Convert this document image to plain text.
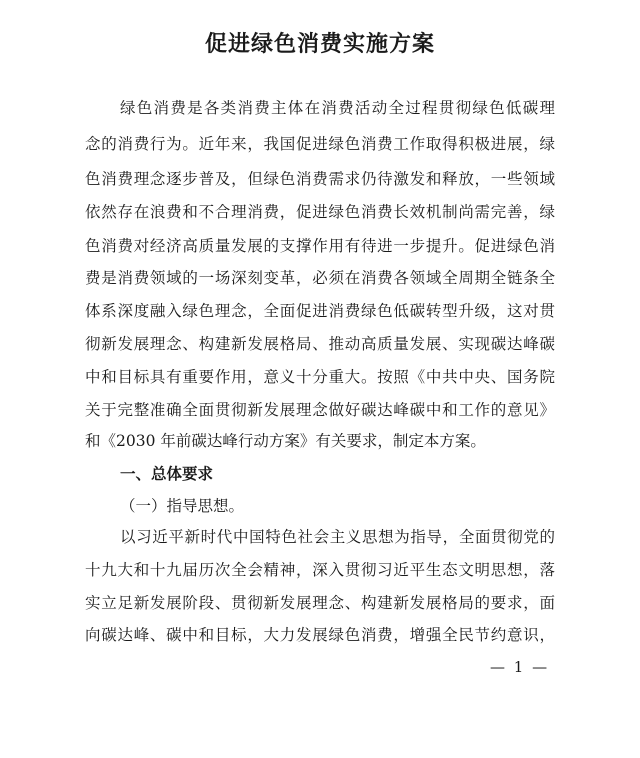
促进绿色消费实施方案
绿色消费是各类消费主体在消费活动全过程贯彻绿色低碳理
念的消费行为。近年来，我国促进绿色消费工作取得积极进展，绿
色消费理念逐步普及，但绿色消费需求仍待激发和释放，一些领域
依然存在浪费和不合理消费，促进绿色消费长效机制尚需完善，绿
色消费对经济高质量发展的支撑作用有待进一步提升。促进绿色消
费是消费领域的一场深刻变革，必须在消费各领域全周期全链条全
体系深度融入绿色理念，全面促进消费绿色低碳转型升级，这对贯
彻新发展理念、构建新发展格局、推动高质量发展、实现碳达峰碳
中和目标具有重要作用，意义十分重大。按照《中共中央、国务院
关于完整准确全面贯彻新发展理念做好碳达峰碳中和工作的意见》
和《2030 年前碳达峰行动方案》有关要求，制定本方案。
一、总体要求
（一）指导思想。
以习近平新时代中国特色社会主义思想为指导，全面贯彻党的
十九大和十九届历次全会精神，深入贯彻习近平生态文明思想，落
实立足新发展阶段、贯彻新发展理念、构建新发展格局的要求，面
向碳达峰、碳中和目标，大力发展绿色消费，增强全民节约意识，
— 1 —
